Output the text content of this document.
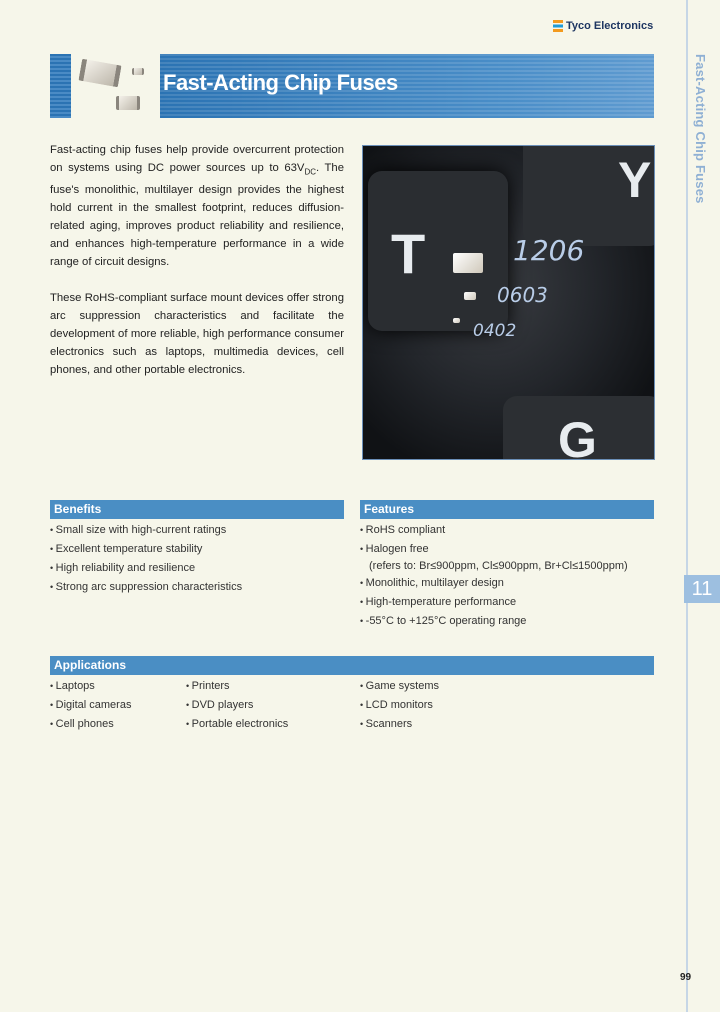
Fast-Acting Chip Fuses
11
Tyco Electronics
Fast-Acting Chip Fuses

Fast-acting chip fuses help provide overcurrent protection on systems using DC power sources up to $63V_{DC}$. The fuse's monolithic, multilayer design provides the highest hold current in the smallest footprint, reduces diffusion-related aging, improves product reliability and resilience, and enhances high-temperature performance in a wide range of circuit designs.

These RoHS-compliant surface mount devices offer strong arc suppression characteristics and facilitate the development of more reliable, high performance consumer electronics such as laptops, multimedia devices, cell phones, and other portable electronics.

T
Y
G
1206
0603
0402
Benefits
• Small size with high-current ratings
• Excellent temperature stability
• High reliability and resilience
• Strong arc suppression characteristics
Features
• RoHS compliant
• Halogen free
(refers to: Br≤900ppm, Cl≤900ppm, Br+Cl≤1500ppm)
• Monolithic, multilayer design
• High-temperature performance
• -55°C to +125°C operating range
Applications
• Laptops
• Digital cameras
• Cell phones
• Printers
• DVD players
• Portable electronics
• Game systems
• LCD monitors
• Scanners
99
